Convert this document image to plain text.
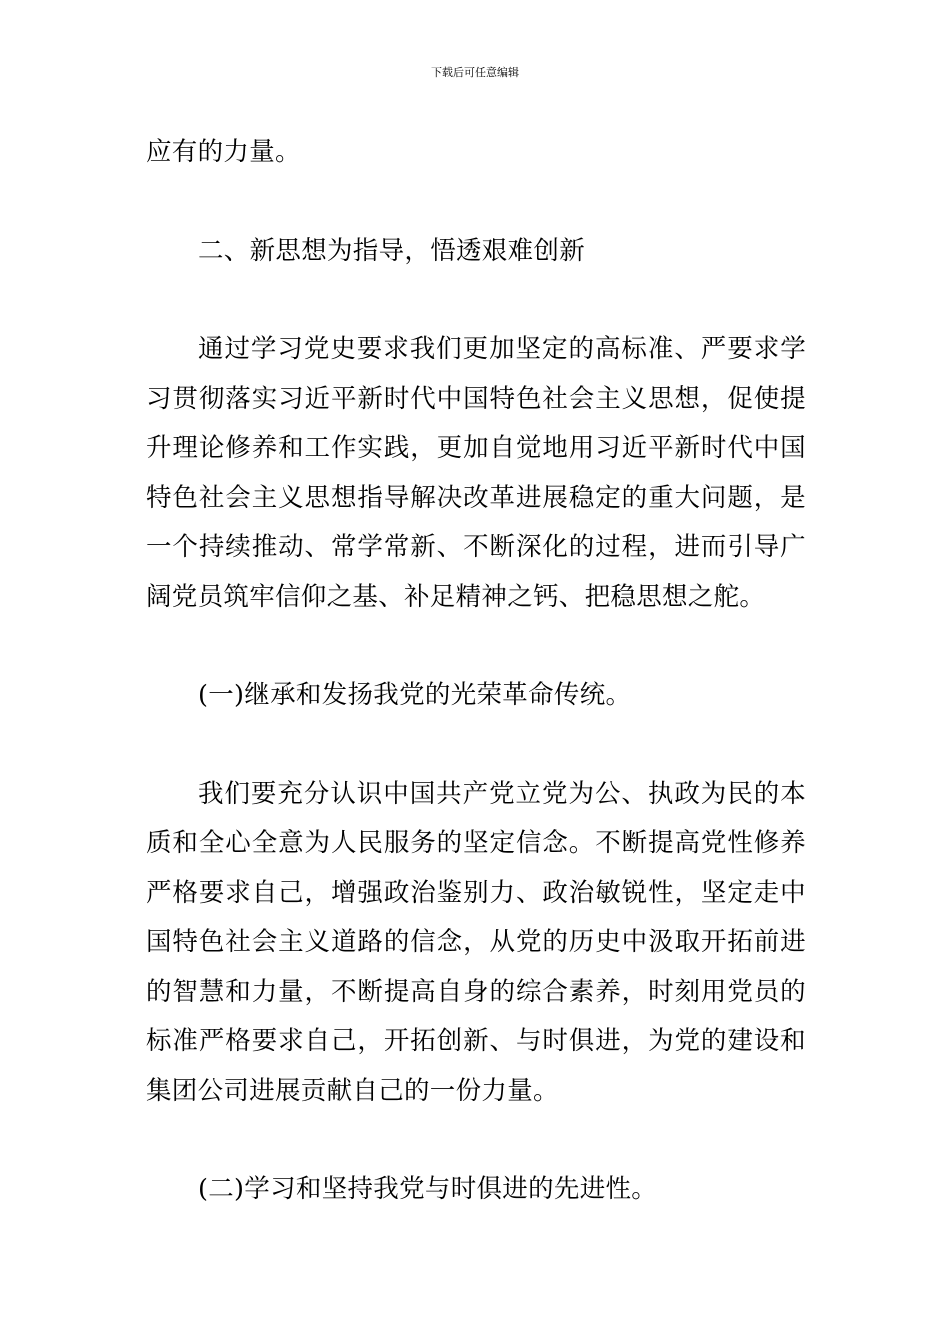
下载后可任意编辑

应有的力量。

二、新思想为指导，悟透艰难创新

通过学习党史要求我们更加坚定的高标准、严要求学习贯彻落实习近平新时代中国特色社会主义思想，促使提升理论修养和工作实践，更加自觉地用习近平新时代中国特色社会主义思想指导解决改革进展稳定的重大问题，是一个持续推动、常学常新、不断深化的过程，进而引导广阔党员筑牢信仰之基、补足精神之钙、把稳思想之舵。

(一)继承和发扬我党的光荣革命传统。

我们要充分认识中国共产党立党为公、执政为民的本质和全心全意为人民服务的坚定信念。不断提高党性修养严格要求自己，增强政治鉴别力、政治敏锐性，坚定走中国特色社会主义道路的信念，从党的历史中汲取开拓前进的智慧和力量，不断提高自身的综合素养，时刻用党员的标准严格要求自己，开拓创新、与时俱进，为党的建设和集团公司进展贡献自己的一份力量。

(二)学习和坚持我党与时俱进的先进性。
